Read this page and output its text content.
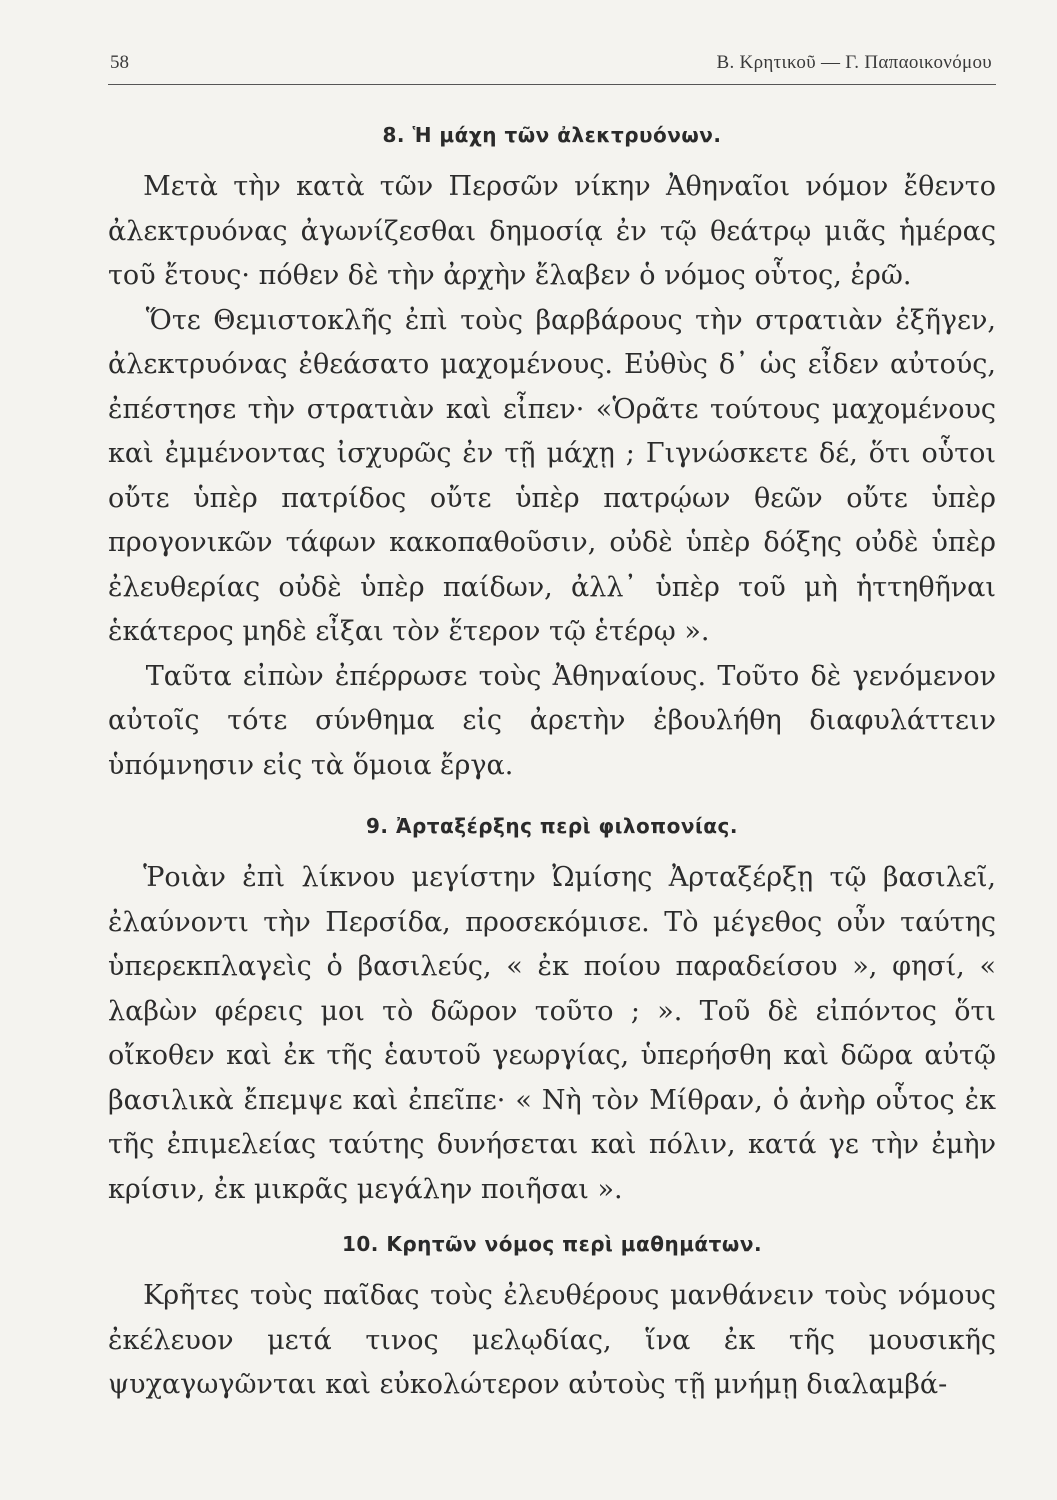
58	Β. Κρητικοῦ — Γ. Παπαοικονόμου
8. Ἡ μάχη τῶν ἀλεκτρυόνων.

Μετὰ τὴν κατὰ τῶν Περσῶν νίκην Ἀθηναῖοι νόμον ἔθεντο ἀλεκτρυόνας ἀγωνίζεσθαι δημοσίᾳ ἐν τῷ θεάτρῳ μιᾶς ἡμέρας τοῦ ἔτους· πόθεν δὲ τὴν ἀρχὴν ἔλαβεν ὁ νόμος οὗτος, ἐρῶ.

Ὅτε Θεμιστοκλῆς ἐπὶ τοὺς βαρβάρους τὴν στρατιὰν ἐξῆγεν, ἀλεκτρυόνας ἐθεάσατο μαχομένους. Εὐθὺς δ᾽ ὡς εἶδεν αὐτούς, ἐπέστησε τὴν στρατιὰν καὶ εἶπεν· «Ὁρᾶτε τούτους μαχομένους καὶ ἐμμένοντας ἰσχυρῶς ἐν τῇ μάχῃ ; Γιγνώσκετε δέ, ὅτι οὗτοι οὔτε ὑπὲρ πατρίδος οὔτε ὑπὲρ πατρῴων θεῶν οὔτε ὑπὲρ προγονικῶν τάφων κακοπαθοῦσιν, οὐδὲ ὑπὲρ δόξης οὐδὲ ὑπὲρ ἐλευθερίας οὐδὲ ὑπὲρ παίδων, ἀλλ᾽ ὑπὲρ τοῦ μὴ ἡττηθῆναι ἑκάτερος μηδὲ εἶξαι τὸν ἕτερον τῷ ἑτέρῳ ».

Ταῦτα εἰπὼν ἐπέρρωσε τοὺς Ἀθηναίους. Τοῦτο δὲ γενόμενον αὐτοῖς τότε σύνθημα εἰς ἀρετὴν ἐβουλήθη διαφυλάττειν ὑπόμνησιν εἰς τὰ ὅμοια ἔργα.

9. Ἀρταξέρξης περὶ φιλοπονίας.

Ῥοιὰν ἐπὶ λίκνου μεγίστην Ὠμίσης Ἀρταξέρξῃ τῷ βασιλεῖ, ἐλαύνοντι τὴν Περσίδα, προσεκόμισε. Τὸ μέγεθος οὖν ταύτης ὑπερεκπλαγεὶς ὁ βασιλεύς, « ἐκ ποίου παραδείσου », φησί, « λαβὼν φέρεις μοι τὸ δῶρον τοῦτο ; ». Τοῦ δὲ εἰπόντος ὅτι οἴκοθεν καὶ ἐκ τῆς ἑαυτοῦ γεωργίας, ὑπερήσθη καὶ δῶρα αὐτῷ βασιλικὰ ἔπεμψε καὶ ἐπεῖπε· « Νὴ τὸν Μίθραν, ὁ ἀνὴρ οὗτος ἐκ τῆς ἐπιμελείας ταύτης δυνήσεται καὶ πόλιν, κατά γε τὴν ἐμὴν κρίσιν, ἐκ μικρᾶς μεγάλην ποιῆσαι ».

10. Κρητῶν νόμος περὶ μαθημάτων.

Κρῆτες τοὺς παῖδας τοὺς ἐλευθέρους μανθάνειν τοὺς νόμους ἐκέλευον μετά τινος μελῳδίας, ἵνα ἐκ τῆς μουσικῆς ψυχαγωγῶνται καὶ εὐκολώτερον αὐτοὺς τῇ μνήμῃ διαλαμβά-
